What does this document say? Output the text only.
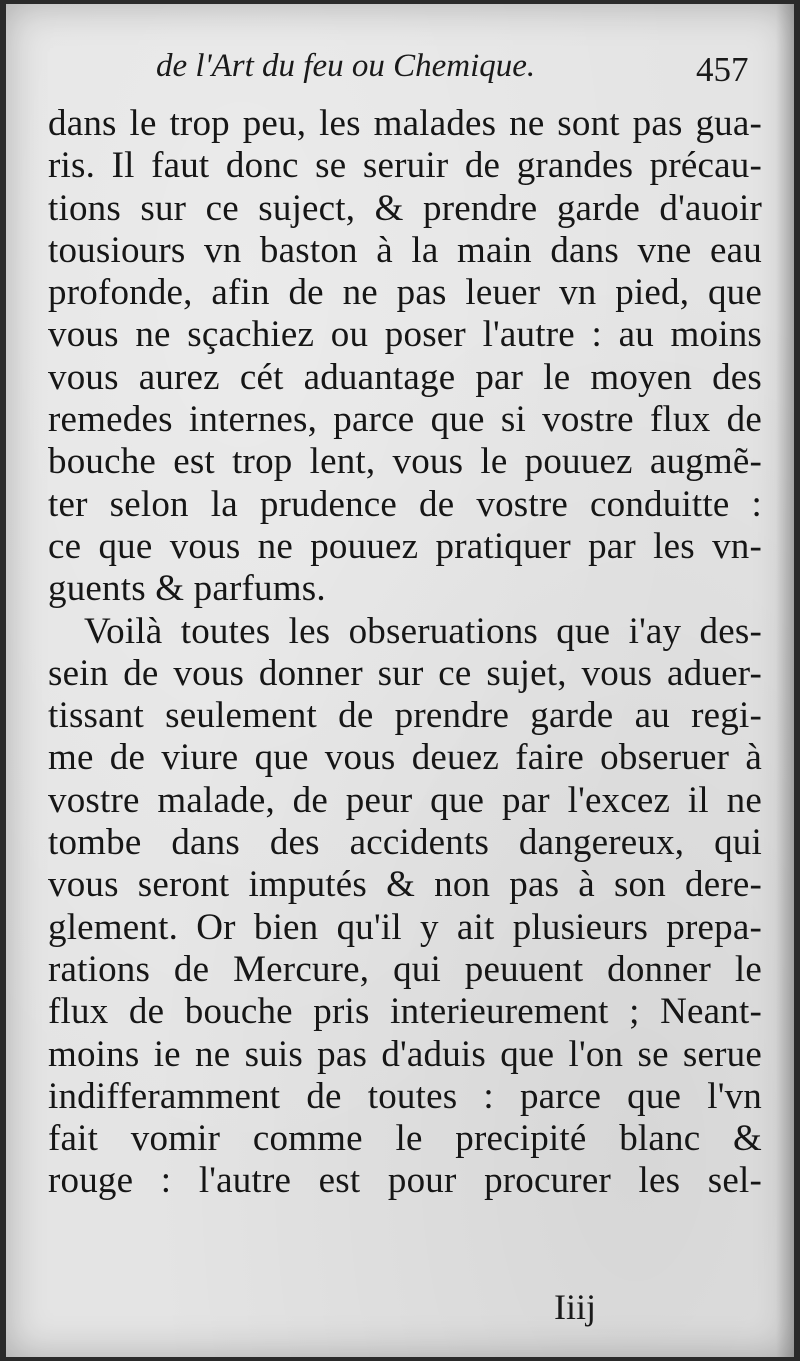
de l'Art du feu ou Chemique.	457
dans le trop peu, les malades ne sont pas gua-
ris. Il faut donc se seruir de grandes précau-
tions sur ce suject, & prendre garde d'auoir
tousiours vn baston à la main dans vne eau
profonde, afin de ne pas leuer vn pied, que
vous ne sçachiez ou poser l'autre : au moins
vous aurez cét aduantage par le moyen des
remedes internes, parce que si vostre flux de
bouche est trop lent, vous le pouuez augmẽ-
ter selon la prudence de vostre conduitte :
ce que vous ne pouuez pratiquer par les vn-
guents & parfums.
Voilà toutes les obseruations que i'ay des-
sein de vous donner sur ce sujet, vous aduer-
tissant seulement de prendre garde au regi-
me de viure que vous deuez faire obseruer à
vostre malade, de peur que par l'excez il ne
tombe dans des accidents dangereux, qui
vous seront imputés & non pas à son dere-
glement. Or bien qu'il y ait plusieurs prepa-
rations de Mercure, qui peuuent donner le
flux de bouche pris interieurement ; Neant-
moins ie ne suis pas d'aduis que l'on se serue
indifferamment de toutes : parce que l'vn
fait vomir comme le precipité blanc &
rouge : l'autre est pour procurer les sel-
Iiij
